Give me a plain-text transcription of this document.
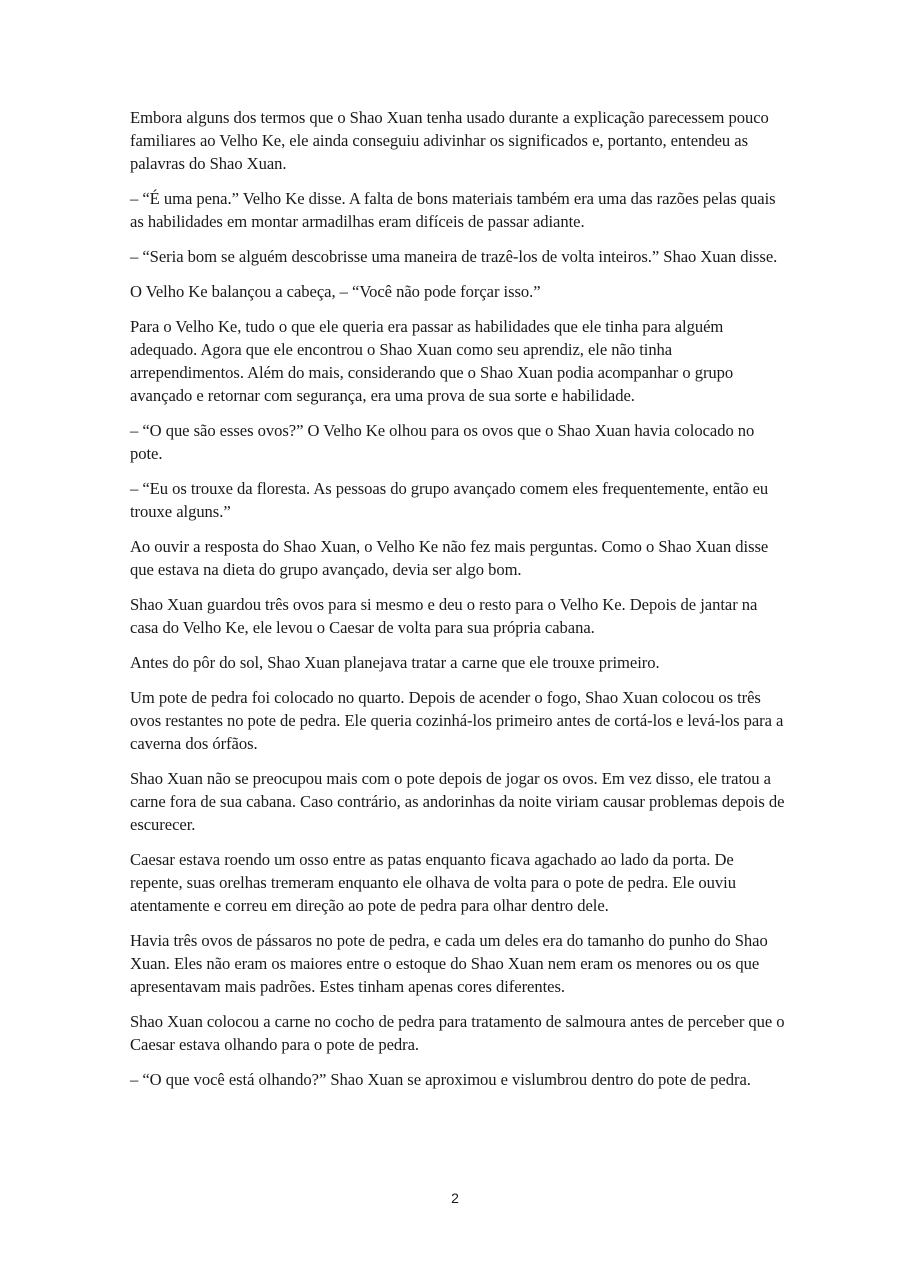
Embora alguns dos termos que o Shao Xuan tenha usado durante a explicação parecessem pouco familiares ao Velho Ke, ele ainda conseguiu adivinhar os significados e, portanto, entendeu as palavras do Shao Xuan.

– “É uma pena.” Velho Ke disse. A falta de bons materiais também era uma das razões pelas quais as habilidades em montar armadilhas eram difíceis de passar adiante.

– “Seria bom se alguém descobrisse uma maneira de trazê-los de volta inteiros.” Shao Xuan disse.

O Velho Ke balançou a cabeça, – “Você não pode forçar isso.”

Para o Velho Ke, tudo o que ele queria era passar as habilidades que ele tinha para alguém adequado. Agora que ele encontrou o Shao Xuan como seu aprendiz, ele não tinha arrependimentos. Além do mais, considerando que o Shao Xuan podia acompanhar o grupo avançado e retornar com segurança, era uma prova de sua sorte e habilidade.

– “O que são esses ovos?” O Velho Ke olhou para os ovos que o Shao Xuan havia colocado no pote.

– “Eu os trouxe da floresta. As pessoas do grupo avançado comem eles frequentemente, então eu trouxe alguns.”

Ao ouvir a resposta do Shao Xuan, o Velho Ke não fez mais perguntas. Como o Shao Xuan disse que estava na dieta do grupo avançado, devia ser algo bom.

Shao Xuan guardou três ovos para si mesmo e deu o resto para o Velho Ke. Depois de jantar na casa do Velho Ke, ele levou o Caesar de volta para sua própria cabana.

Antes do pôr do sol, Shao Xuan planejava tratar a carne que ele trouxe primeiro.

Um pote de pedra foi colocado no quarto. Depois de acender o fogo, Shao Xuan colocou os três ovos restantes no pote de pedra. Ele queria cozinhá-los primeiro antes de cortá-los e levá-los para a caverna dos órfãos.

Shao Xuan não se preocupou mais com o pote depois de jogar os ovos. Em vez disso, ele tratou a carne fora de sua cabana. Caso contrário, as andorinhas da noite viriam causar problemas depois de escurecer.

Caesar estava roendo um osso entre as patas enquanto ficava agachado ao lado da porta. De repente, suas orelhas tremeram enquanto ele olhava de volta para o pote de pedra. Ele ouviu atentamente e correu em direção ao pote de pedra para olhar dentro dele.

Havia três ovos de pássaros no pote de pedra, e cada um deles era do tamanho do punho do Shao Xuan. Eles não eram os maiores entre o estoque do Shao Xuan nem eram os menores ou os que apresentavam mais padrões. Estes tinham apenas cores diferentes.

Shao Xuan colocou a carne no cocho de pedra para tratamento de salmoura antes de perceber que o Caesar estava olhando para o pote de pedra.

– “O que você está olhando?” Shao Xuan se aproximou e vislumbrou dentro do pote de pedra.

2
